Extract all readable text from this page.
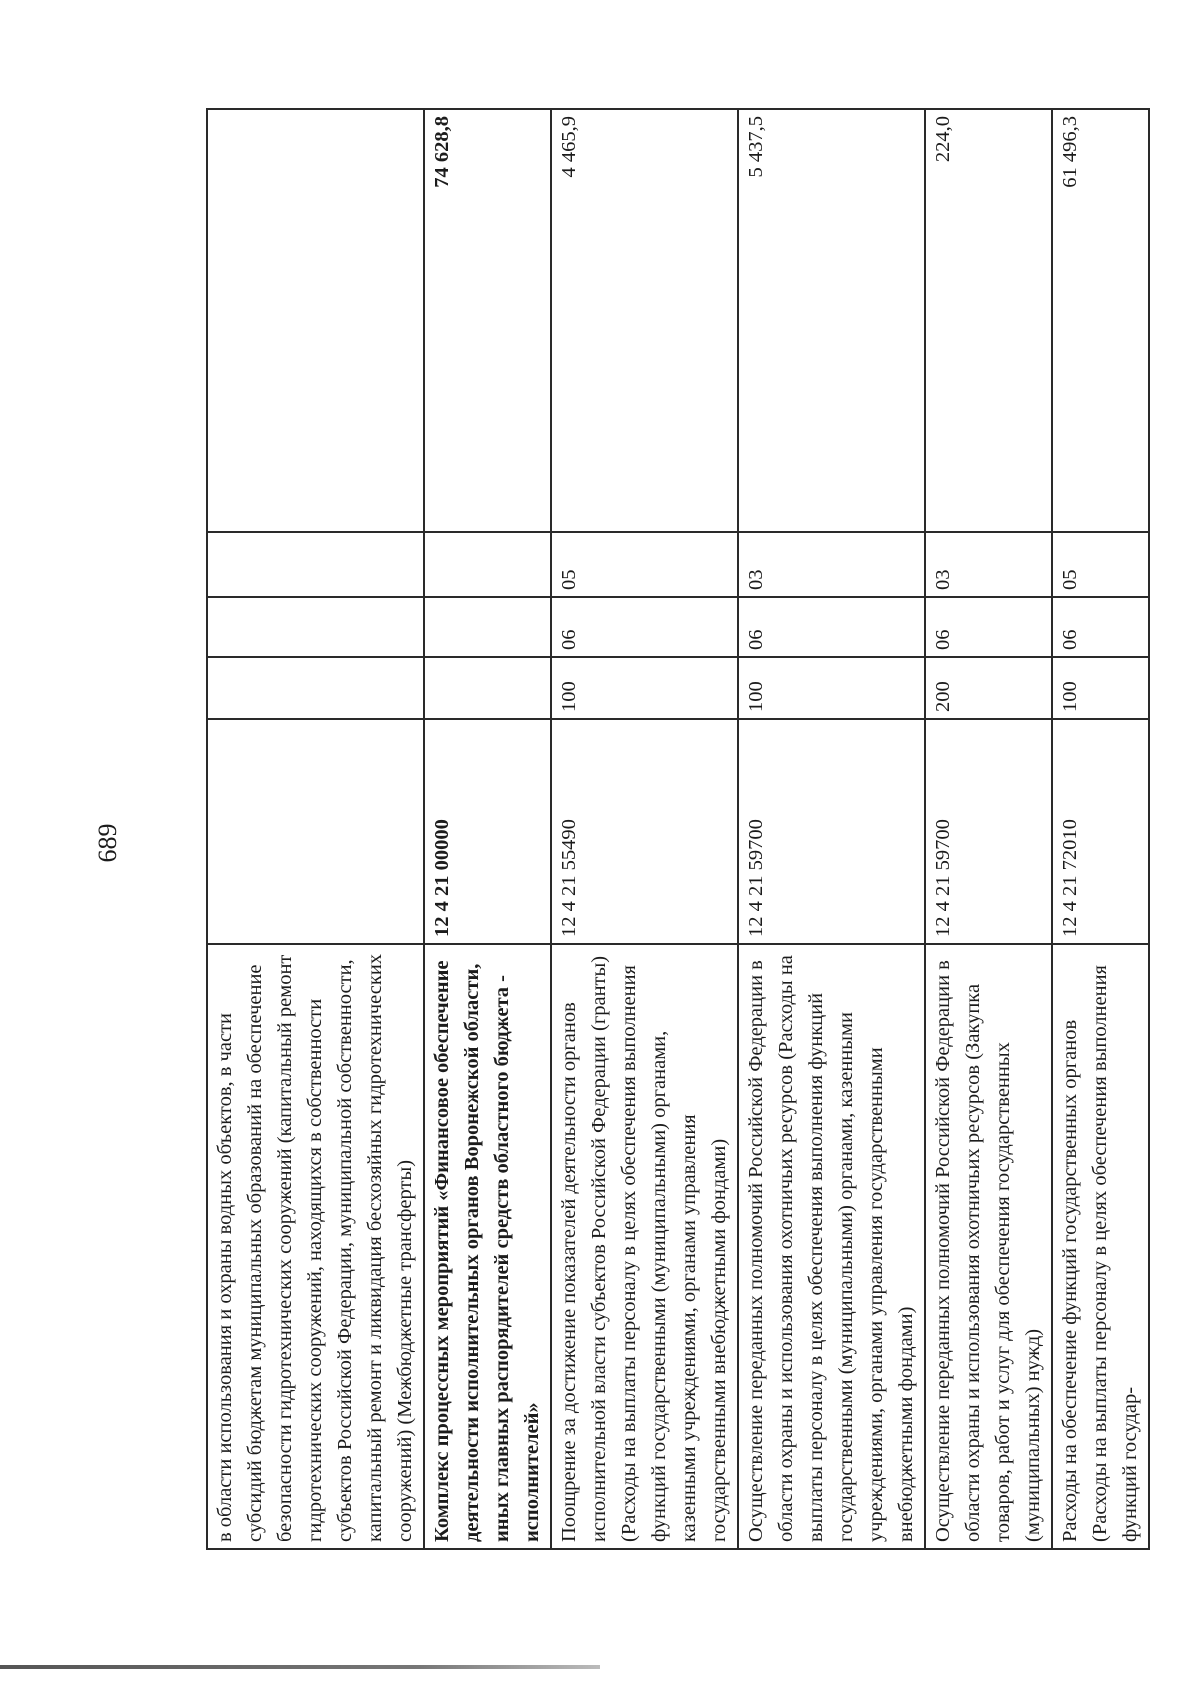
689
в области использования и охраны водных объектов, в части субсидий бюджетам муниципальных образований на обеспечение безопасности гидротехнических сооружений (капитальный ремонт гидротехнических сооружений, находящихся в собственности субъектов Российской Федерации, муниципальной собственности, капитальный ремонт и ликвидация бесхозяйных гидротехнических сооружений) (Межбюджетные трансферты)					
Комплекс процессных мероприятий «Финансовое обеспечение деятельности исполнительных органов Воронежской области, иных главных распорядителей средств областного бюджета - исполнителей»	12 4 21 00000				74 628,8
Поощрение за достижение показателей деятельности органов исполнительной власти субъектов Российской Федерации (гранты) (Расходы на выплаты персоналу в целях обеспечения выполнения функций государственными (муниципальными) органами, казенными учреждениями, органами управления государственными внебюджетными фондами)	12 4 21 55490	100	06	05	4 465,9
Осуществление переданных полномочий Российской Федерации в области охраны и использования охотничьих ресурсов (Расходы на выплаты персоналу в целях обеспечения выполнения функций государственными (муниципальными) органами, казенными учреждениями, органами управления государственными внебюджетными фондами)	12 4 21 59700	100	06	03	5 437,5
Осуществление переданных полномочий Российской Федерации в области охраны и использования охотничьих ресурсов (Закупка товаров, работ и услуг для обеспечения государственных (муниципальных) нужд)	12 4 21 59700	200	06	03	224,0
Расходы на обеспечение функций государственных органов (Расходы на выплаты персоналу в целях обеспечения выполнения функций государ-	12 4 21 72010	100	06	05	61 496,3
